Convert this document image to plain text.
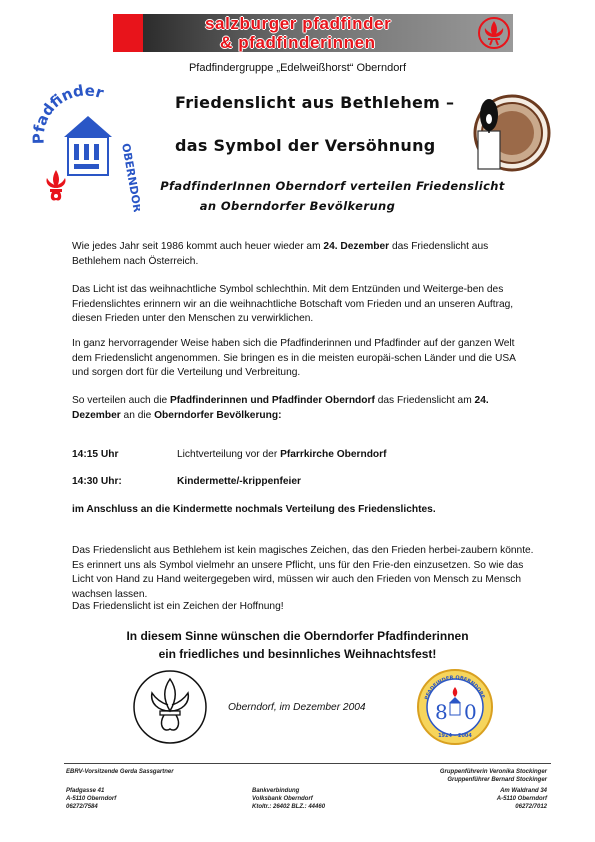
salzburger pfadfinder
& pfadfinderinnen
Pfadfindergruppe „Edelweißhorst“ Oberndorf
Pfadfinder
OBERNDORF
Friedenslicht aus Bethlehem –
das Symbol der Versöhnung
PfadfinderInnen Oberndorf verteilen Friedenslicht
an Oberndorfer Bevölkerung
Wie jedes Jahr seit 1986 kommt auch heuer wieder am 24. Dezember das Friedenslicht aus Bethlehem nach Österreich.
Das Licht ist das weihnachtliche Symbol schlechthin. Mit dem Entzünden und Weiterge-ben des Friedenslichtes erinnern wir an die weihnachtliche Botschaft vom Frieden und an unseren Auftrag, diesen Frieden unter den Menschen zu verwirklichen.
In ganz hervorragender Weise haben sich die Pfadfinderinnen und Pfadfinder auf der ganzen Welt dem Friedenslicht angenommen. Sie bringen es in die meisten europäi-schen Länder und die USA und sorgen dort für die Verteilung und Verbreitung.
So verteilen auch die Pfadfinderinnen und Pfadfinder Oberndorf das Friedenslicht am 24. Dezember an die Oberndorfer Bevölkerung:
14:15 Uhr	Lichtverteilung vor der Pfarrkirche Oberndorf
14:30 Uhr:	Kindermette/-krippenfeier
im Anschluss an die Kindermette nochmals Verteilung des Friedenslichtes.
Das Friedenslicht aus Bethlehem ist kein magisches Zeichen, das den Frieden herbei-zaubern könnte. Es erinnert uns als Symbol vielmehr an unsere Pflicht, uns für den Frie-den einzusetzen. So wie das Licht von Hand zu Hand weitergegeben wird, müssen wir auch den Frieden von Mensch zu Mensch wachsen lassen.
Das Friedenslicht ist ein Zeichen der Hoffnung!
In diesem Sinne wünschen die Oberndorfer Pfadfinderinnen
ein friedliches und besinnliches Weihnachtsfest!
Oberndorf, im Dezember 2004
PFADFINDER OBERNDORF
8 0
1924 – 2004
EBRV-Vorsitzende Gerda Sassgartner
Pfadgasse 41
A-5110 Oberndorf
06272/7584
Bankverbindung
Volksbank Oberndorf
Ktoltr.: 26402 BLZ.: 44460
Gruppenführerin Veronika Stockinger
Gruppenführer Bernard Stockinger
Am Waldrand 34
A-5110 Oberndorf
06272/7012
